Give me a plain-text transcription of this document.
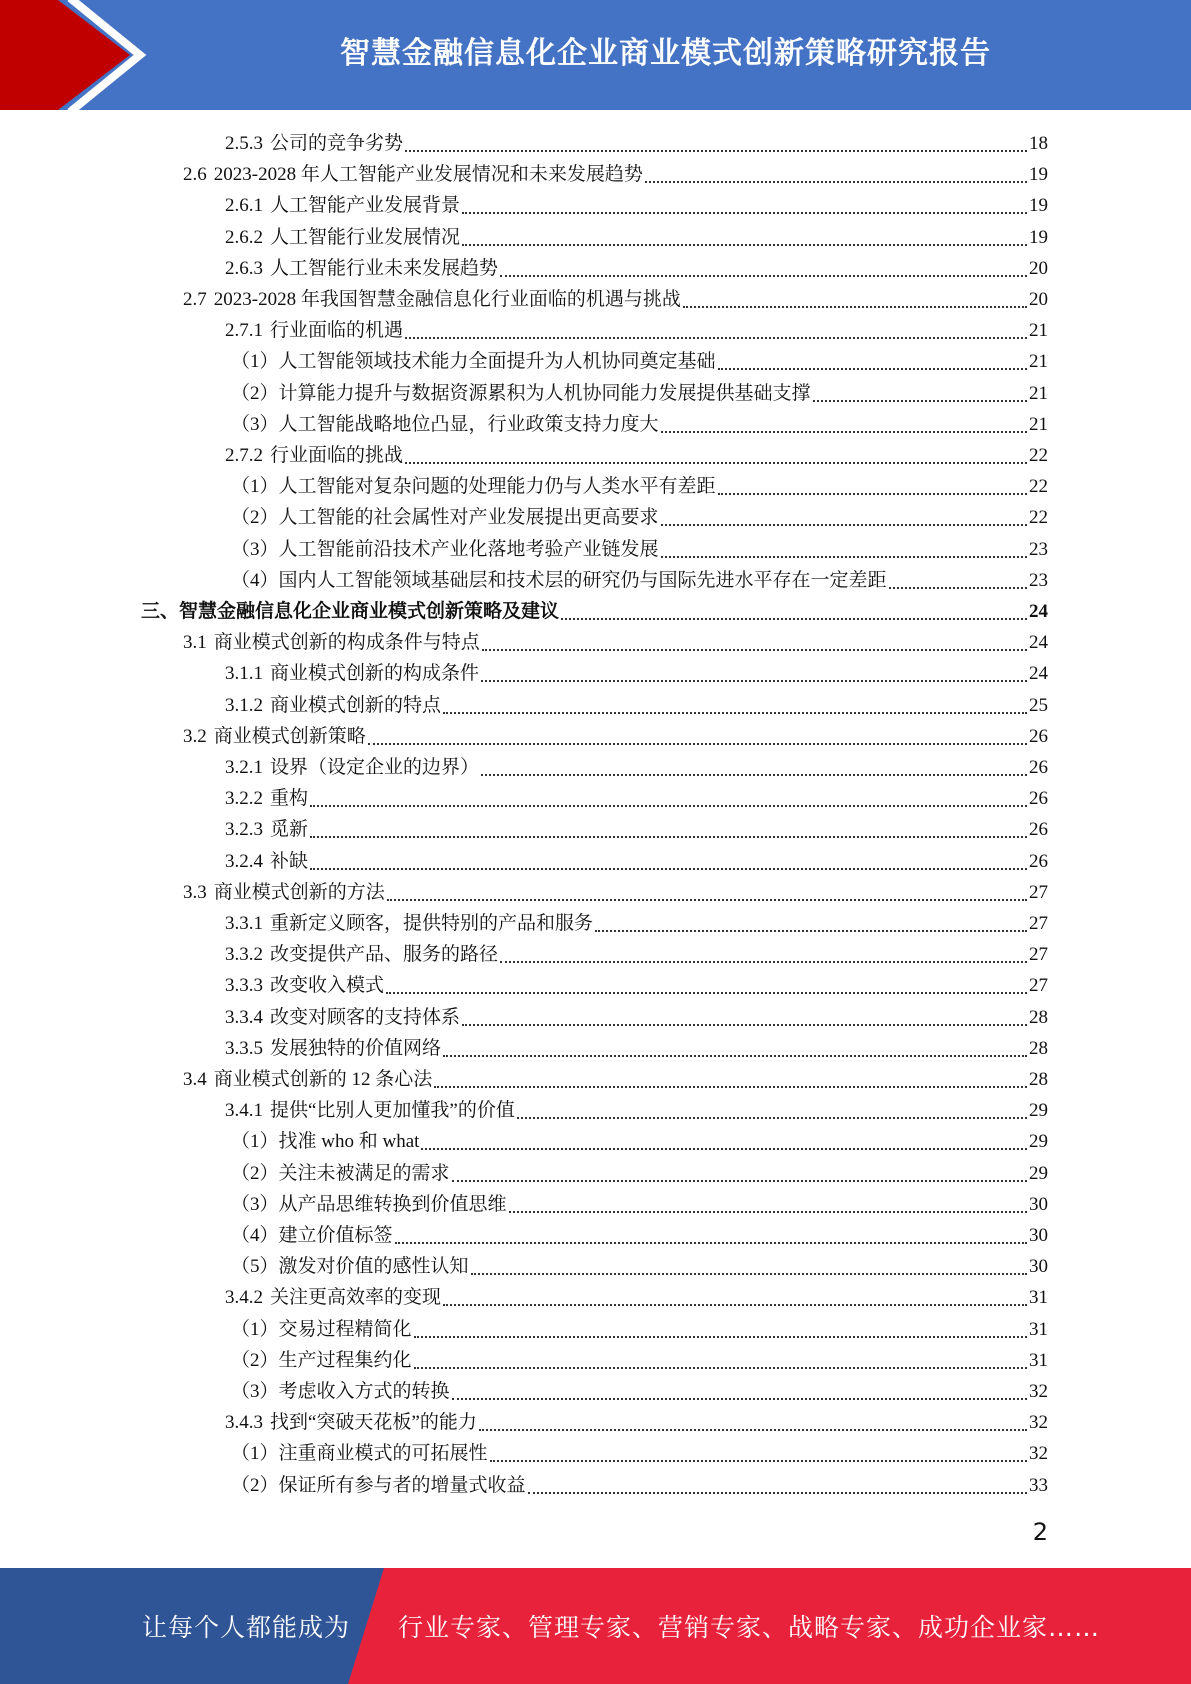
智慧金融信息化企业商业模式创新策略研究报告
2.5.3 公司的竞争劣势	18
2.6 2023-2028 年人工智能产业发展情况和未来发展趋势	19
2.6.1 人工智能产业发展背景	19
2.6.2 人工智能行业发展情况	19
2.6.3 人工智能行业未来发展趋势	20
2.7 2023-2028 年我国智慧金融信息化行业面临的机遇与挑战	20
2.7.1 行业面临的机遇	21
（1） 人工智能领域技术能力全面提升为人机协同奠定基础	21
（2） 计算能力提升与数据资源累积为人机协同能力发展提供基础支撑	21
（3） 人工智能战略地位凸显，行业政策支持力度大	21
2.7.2 行业面临的挑战	22
（1） 人工智能对复杂问题的处理能力仍与人类水平有差距	22
（2） 人工智能的社会属性对产业发展提出更高要求	22
（3） 人工智能前沿技术产业化落地考验产业链发展	23
（4） 国内人工智能领域基础层和技术层的研究仍与国际先进水平存在一定差距	23
三、 智慧金融信息化企业商业模式创新策略及建议	24
3.1 商业模式创新的构成条件与特点	24
3.1.1 商业模式创新的构成条件	24
3.1.2 商业模式创新的特点	25
3.2 商业模式创新策略	26
3.2.1 设界（设定企业的边界）	26
3.2.2 重构	26
3.2.3 觅新	26
3.2.4 补缺	26
3.3 商业模式创新的方法	27
3.3.1 重新定义顾客，提供特别的产品和服务	27
3.3.2 改变提供产品、服务的路径	27
3.3.3 改变收入模式	27
3.3.4 改变对顾客的支持体系	28
3.3.5 发展独特的价值网络	28
3.4 商业模式创新的 12 条心法	28
3.4.1 提供“比别人更加懂我”的价值	29
（1） 找准 who 和 what	29
（2） 关注未被满足的需求	29
（3） 从产品思维转换到价值思维	30
（4） 建立价值标签	30
（5） 激发对价值的感性认知	30
3.4.2 关注更高效率的变现	31
（1） 交易过程精简化	31
（2） 生产过程集约化	31
（3） 考虑收入方式的转换	32
3.4.3 找到“突破天花板”的能力	32
（1） 注重商业模式的可拓展性	32
（2） 保证所有参与者的增量式收益	33
2
让每个人都能成为 行业专家、管理专家、营销专家、战略专家、成功企业家……
